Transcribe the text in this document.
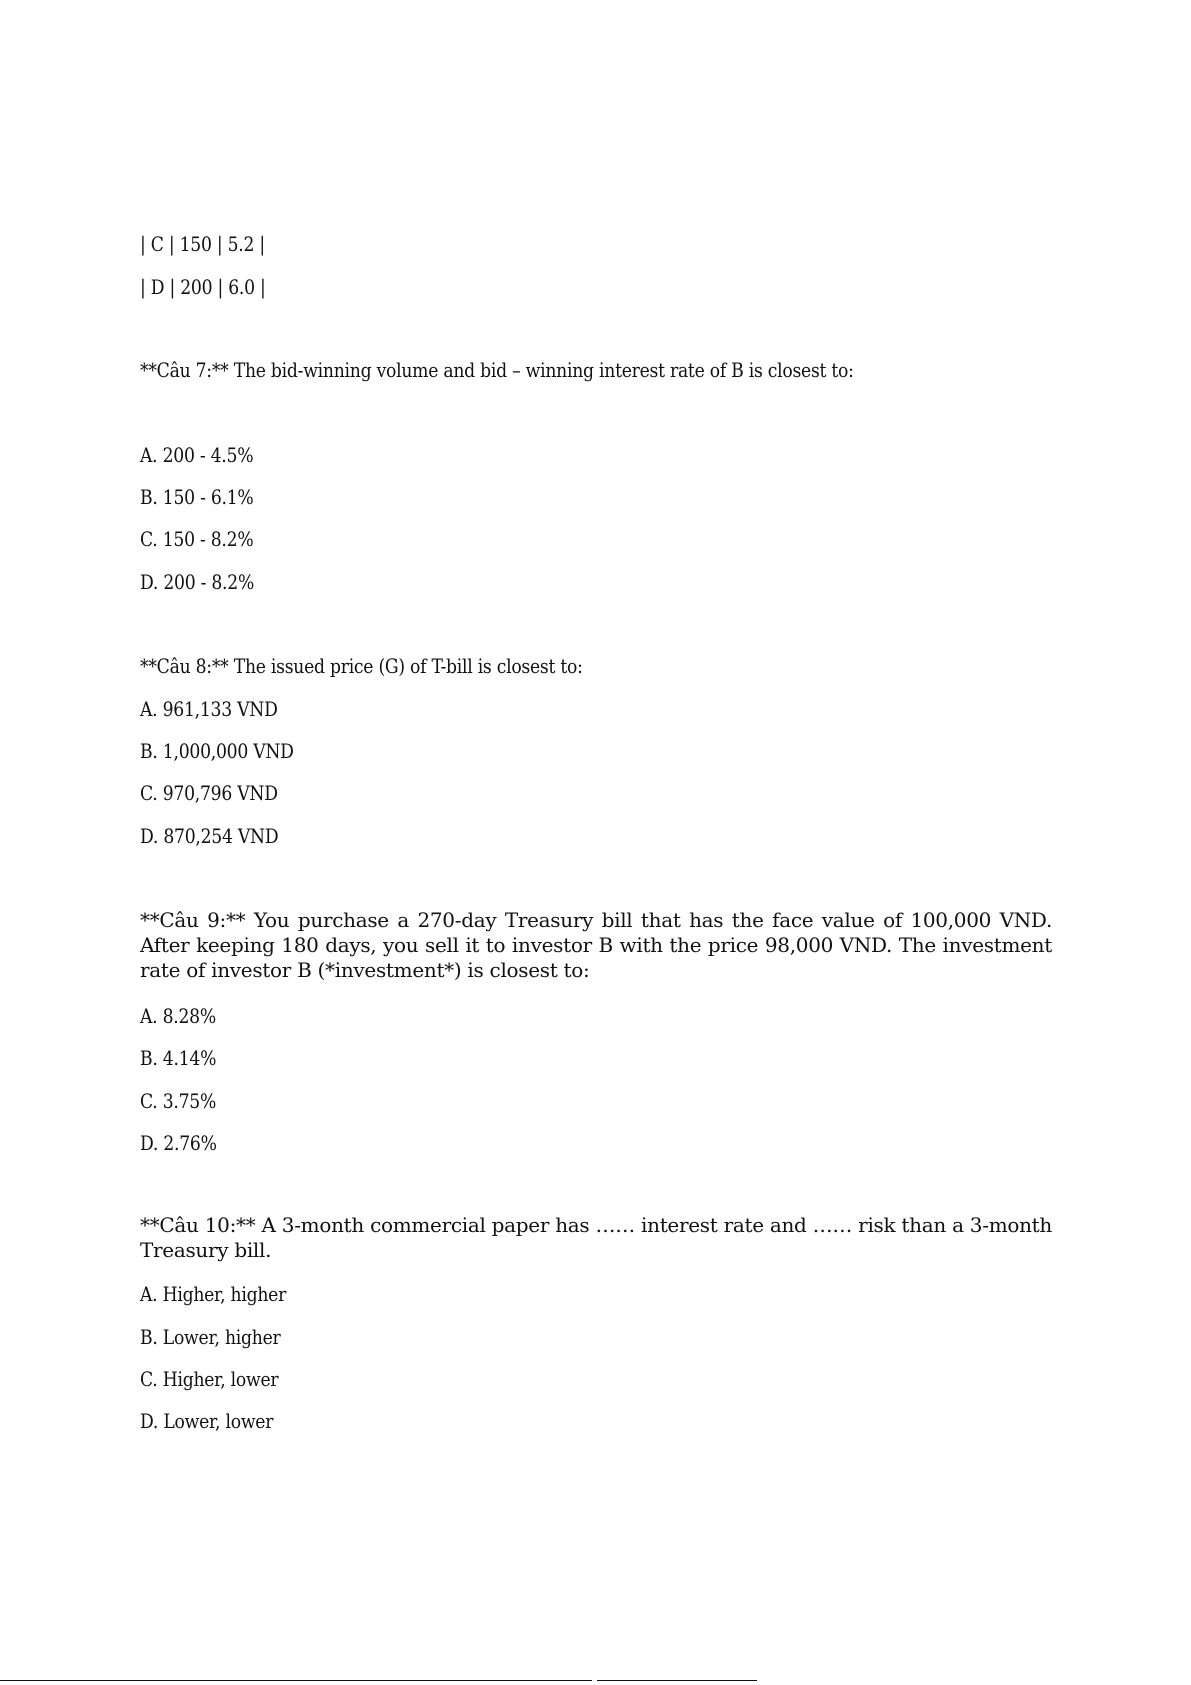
| C | 150 | 5.2 |
| D | 200 | 6.0 |
**Câu 7:** The bid-winning volume and bid – winning interest rate of B is closest to:
A. 200 - 4.5%
B. 150 - 6.1%
C. 150 - 8.2%
D. 200 - 8.2%
**Câu 8:** The issued price (G) of T-bill is closest to:
A. 961,133 VND
B. 1,000,000 VND
C. 970,796 VND
D. 870,254 VND
**Câu 9:** You purchase a 270-day Treasury bill that has the face value of 100,000 VND. After keeping 180 days, you sell it to investor B with the price 98,000 VND. The investment rate of investor B (*investment*) is closest to:
A. 8.28%
B. 4.14%
C. 3.75%
D. 2.76%
**Câu 10:** A 3-month commercial paper has …… interest rate and …… risk than a 3-month Treasury bill.
A. Higher, higher
B. Lower, higher
C. Higher, lower
D. Lower, lower
